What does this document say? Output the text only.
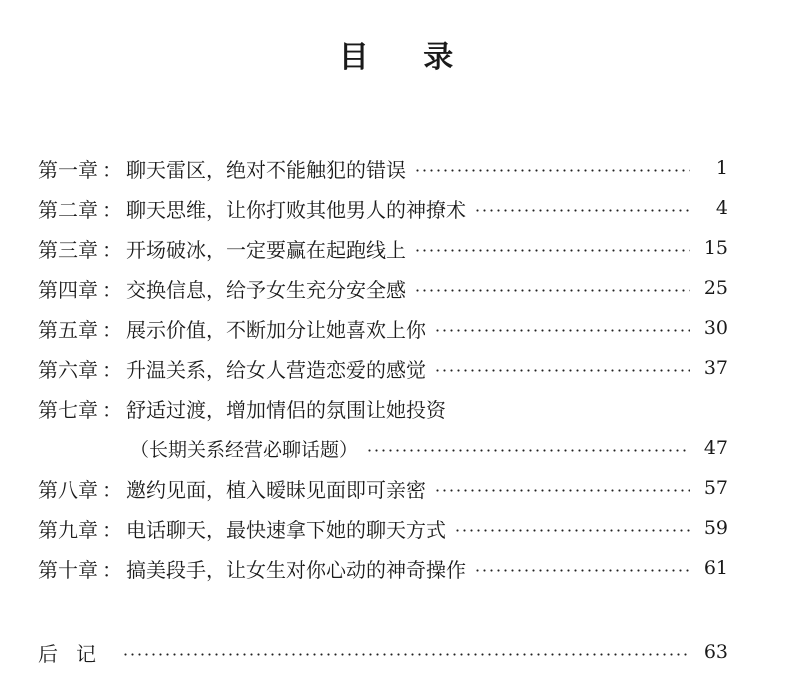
目 录
第一章 ： 聊天雷区，绝对不能触犯的错误	1
第二章 ： 聊天思维，让你打败其他男人的神撩术	4
第三章 ： 开场破冰，一定要赢在起跑线上	15
第四章 ： 交换信息，给予女生充分安全感	25
第五章 ： 展示价值，不断加分让她喜欢上你	30
第六章 ： 升温关系，给女人营造恋爱的感觉	37
第七章 ： 舒适过渡，增加情侣的氛围让她投资
（长期关系经营必聊话题）	47
第八章 ： 邀约见面，植入暧昧见面即可亲密	57
第九章 ： 电话聊天，最快速拿下她的聊天方式	59
第十章 ： 搞美段手，让女生对你心动的神奇操作	61
后记	63
